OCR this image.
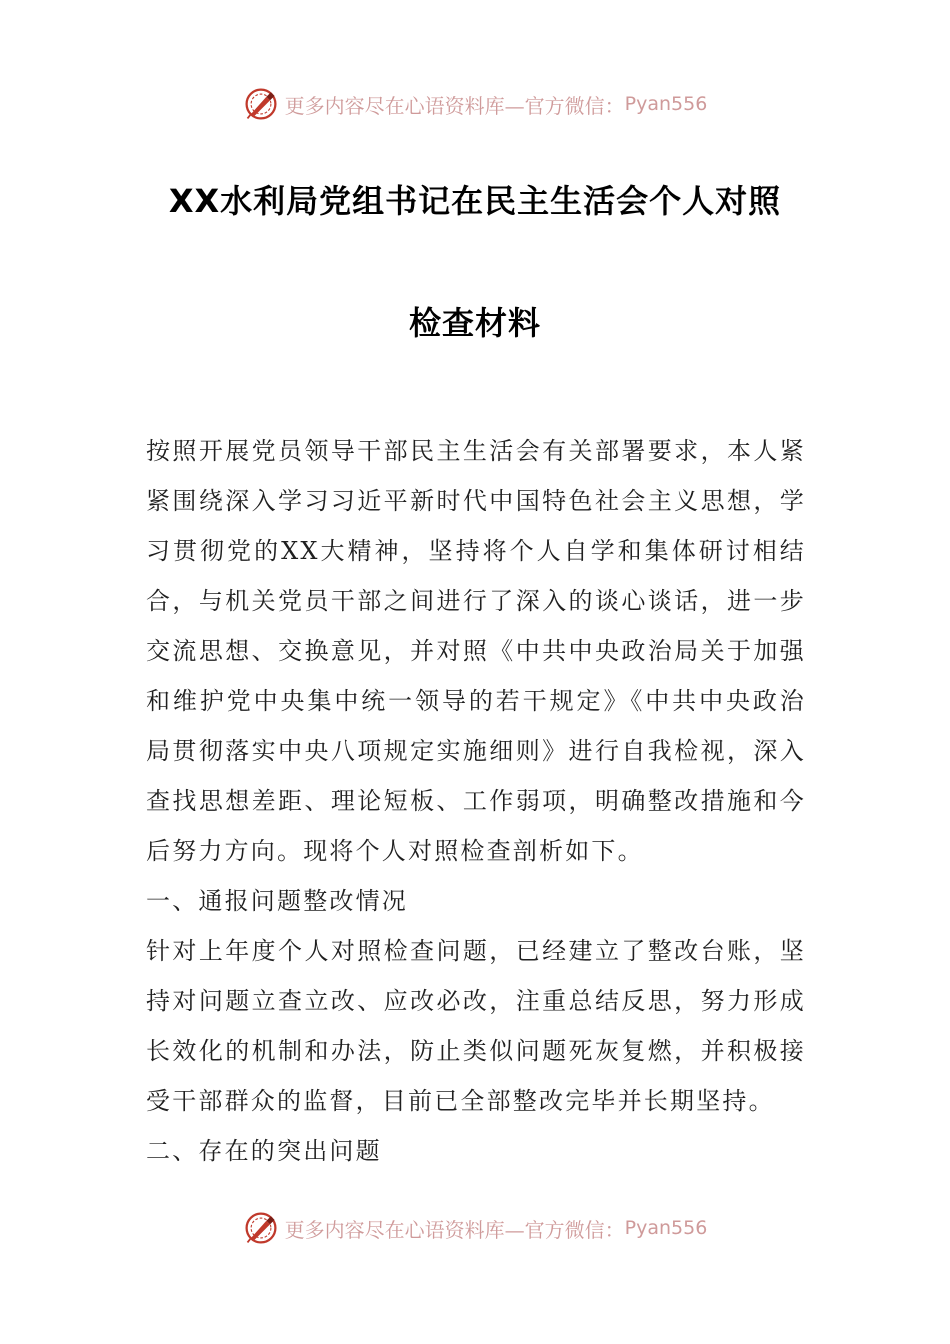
更多内容尽在心语资料库—官方微信： Pyan556
XX水利局党组书记在民主生活会个人对照
检查材料

按照开展党员领导干部民主生活会有关部署要求，本人紧紧围绕深入学习习近平新时代中国特色社会主义思想，学习贯彻党的XX大精神，坚持将个人自学和集体研讨相结合，与机关党员干部之间进行了深入的谈心谈话，进一步交流思想、交换意见，并对照《中共中央政治局关于加强和维护党中央集中统一领导的若干规定》《中共中央政治局贯彻落实中央八项规定实施细则》进行自我检视，深入查找思想差距、理论短板、工作弱项，明确整改措施和今后努力方向。现将个人对照检查剖析如下。

一、通报问题整改情况

针对上年度个人对照检查问题，已经建立了整改台账，坚持对问题立查立改、应改必改，注重总结反思，努力形成长效化的机制和办法，防止类似问题死灰复燃，并积极接受干部群众的监督，目前已全部整改完毕并长期坚持。

二、存在的突出问题

更多内容尽在心语资料库—官方微信： Pyan556
